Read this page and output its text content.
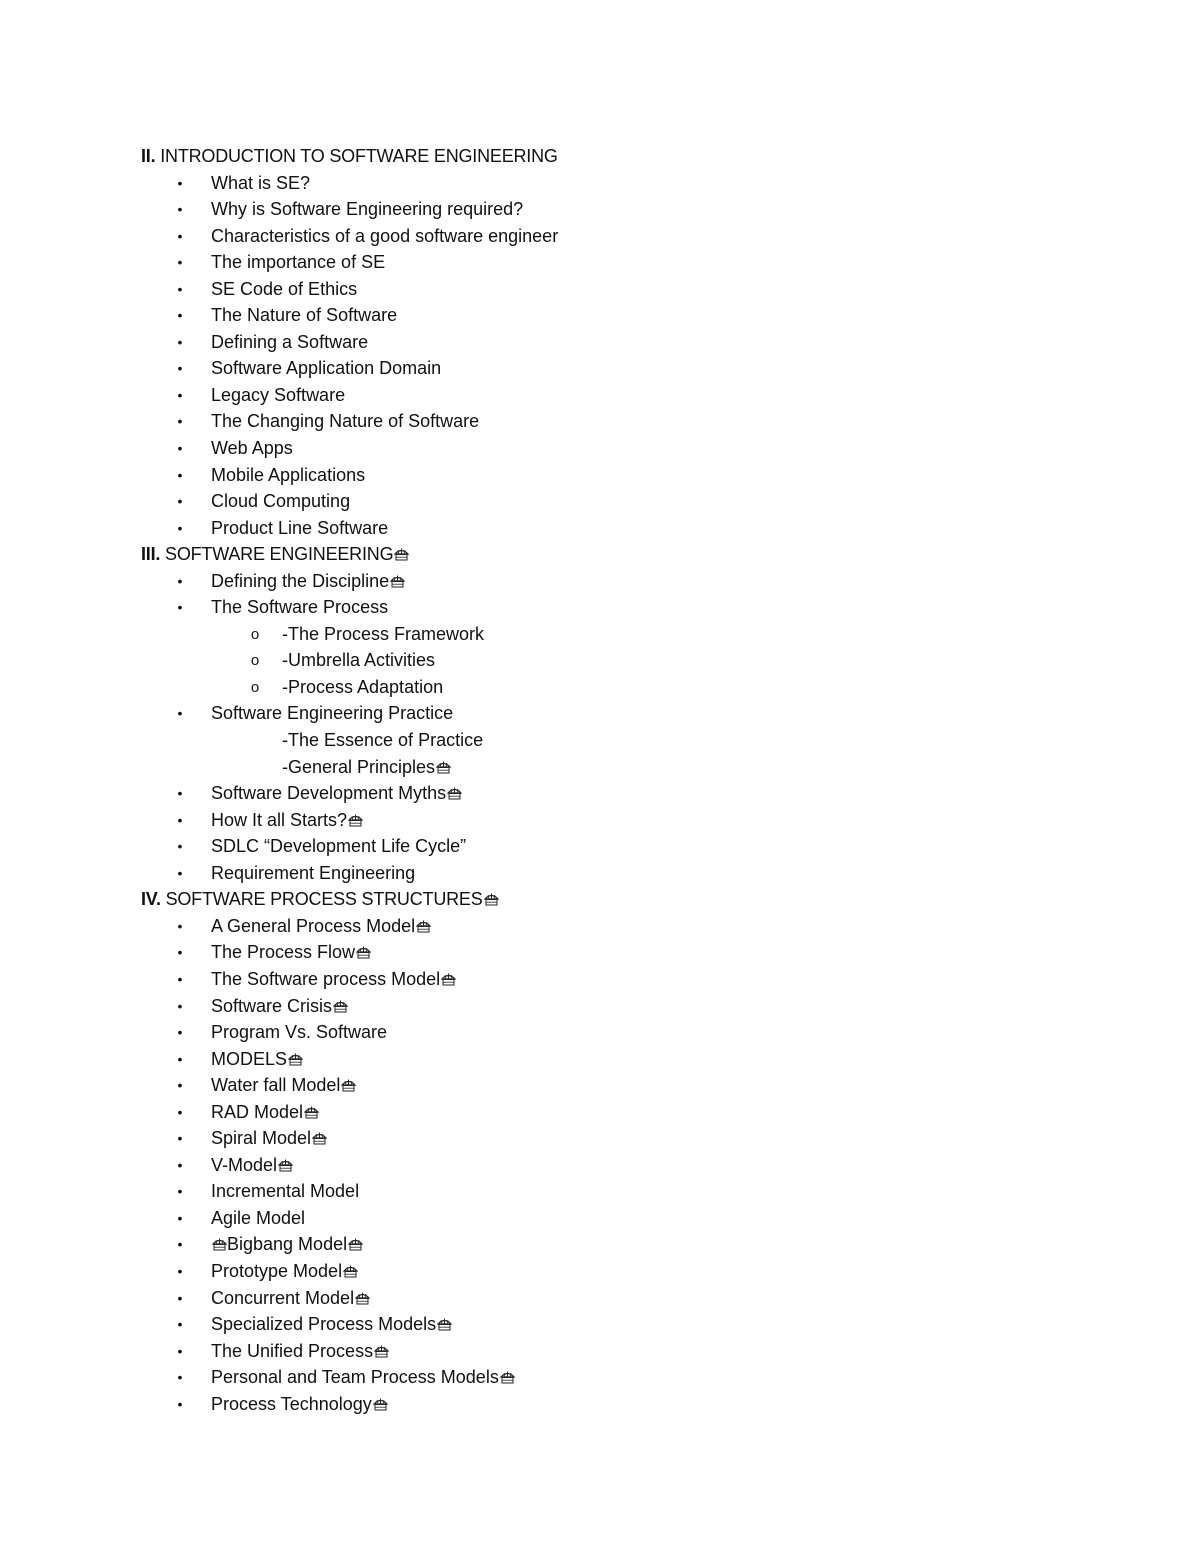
II. INTRODUCTION TO SOFTWARE ENGINEERING
• What is SE?
• Why is Software Engineering required?
• Characteristics of a good software engineer
• The importance of SE
• SE Code of Ethics
• The Nature of Software
• Defining a Software
• Software Application Domain
• Legacy Software
• The Changing Nature of Software
• Web Apps
• Mobile Applications
• Cloud Computing
• Product Line Software
III. SOFTWARE ENGINEERING
• Defining the Discipline
• The Software Process
o -The Process Framework
o -Umbrella Activities
o -Process Adaptation
• Software Engineering Practice
-The Essence of Practice
-General Principles
• Software Development Myths
• How It all Starts?
• SDLC “Development Life Cycle”
• Requirement Engineering
IV. SOFTWARE PROCESS STRUCTURES
• A General Process Model
• The Process Flow
• The Software process Model
• Software Crisis
• Program Vs. Software
• MODELS
• Water fall Model
• RAD Model
• Spiral Model
• V-Model
• Incremental Model
• Agile Model
•	Bigbang Model
• Prototype Model
• Concurrent Model
• Specialized Process Models
• The Unified Process
• Personal and Team Process Models
• Process Technology
